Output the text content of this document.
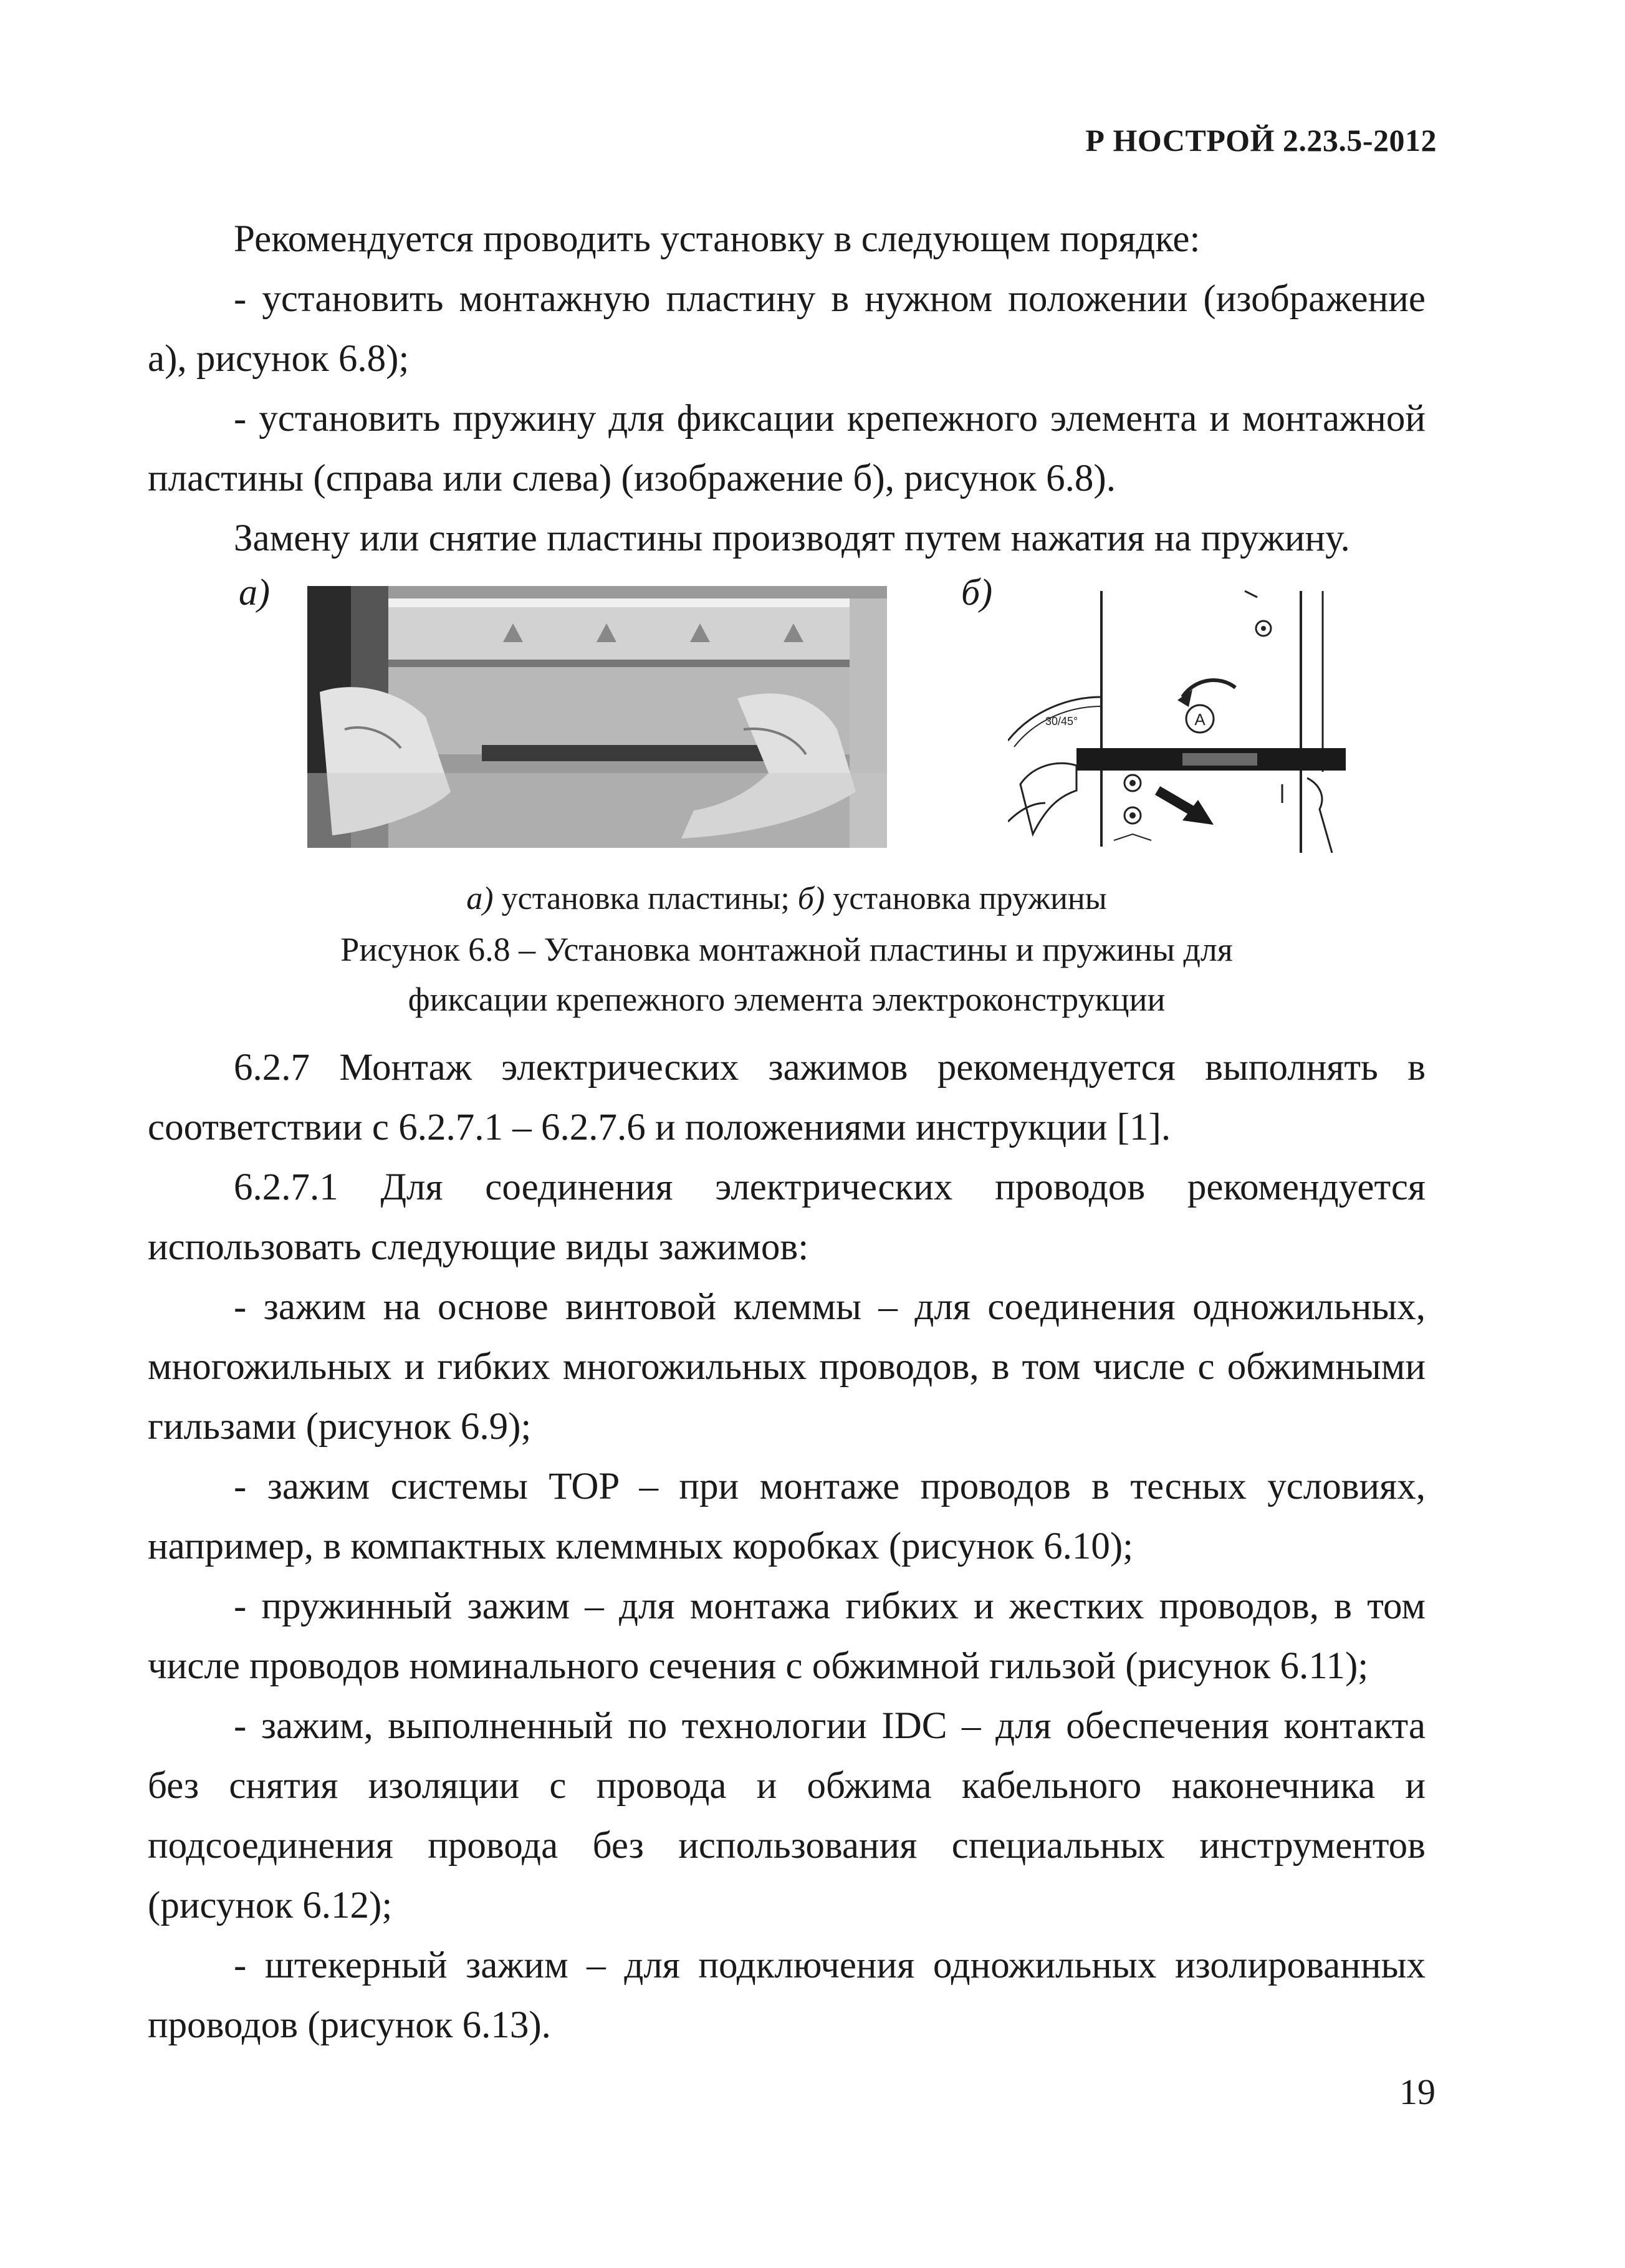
Р НОСТРОЙ 2.23.5-2012

Рекомендуется проводить установку в следующем порядке:

- установить монтажную пластину в нужном положении (изображение а), рисунок 6.8);

- установить пружину для фиксации крепежного элемента и монтажной пластины (справа или слева) (изображение б), рисунок 6.8).

Замену или снятие пластины производят путем нажатия на пружину.

а)	б)
A
30/45°
а) установка пластины; б) установка пружины
Рисунок 6.8 – Установка монтажной пластины и пружины для
фиксации крепежного элемента электроконструкции

6.2.7 Монтаж электрических зажимов рекомендуется выполнять в соответствии с 6.2.7.1 – 6.2.7.6 и положениями инструкции [1].

6.2.7.1 Для соединения электрических проводов рекомендуется использовать следующие виды зажимов:

- зажим на основе винтовой клеммы – для соединения одножильных, многожильных и гибких многожильных проводов, в том числе с обжимными гильзами (рисунок 6.9);

- зажим системы TOP – при монтаже проводов в тесных условиях, например, в компактных клеммных коробках (рисунок 6.10);

- пружинный зажим – для монтажа гибких и жестких проводов, в том числе проводов номинального сечения с обжимной гильзой (рисунок 6.11);

- зажим, выполненный по технологии IDC – для обеспечения контакта без снятия изоляции с провода и обжима кабельного наконечника и подсоединения провода без использования специальных инструментов (рисунок 6.12);

- штекерный зажим – для подключения одножильных изолированных проводов (рисунок 6.13).

19
